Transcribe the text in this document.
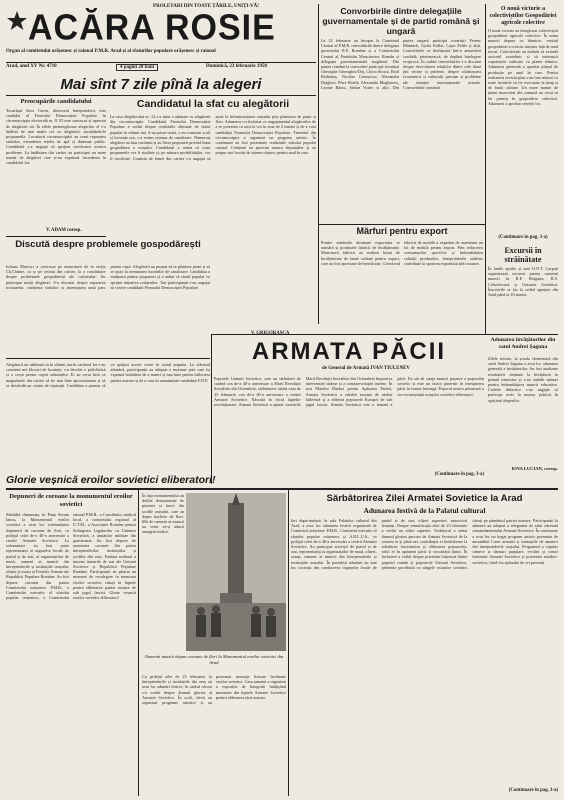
PROLETARI DIN TOATE ȚĂRILE, UNIȚI-VĂ!
ACĂRA ROSIE
Organ al comitetului orășenesc și raional P.M.R. Arad și al sfaturilor populare orășenesc și raional
Arad, anul XV Nr. 4710	4 pagini 20 bani	Duminică, 23 februarie 1958
Mai sînt 7 zile pînă la alegeri
Convorbirile dintre delegațiile guvernamentale și de partid română și ungară
La 22 februarie au început la Comitetul Central al P.M.R. convorbirile dintre delegația guvernului R.P. Române și a Comitetului Central al Partidului Muncitoresc Român și delegația guvernamentală maghiară. Din partea română la convorbiri participă tovarășii Gheorghe Gheorghiu-Dej, Chivu Stoica, Emil Bodnăraș, Nicolae Ceaușescu, Alexandru Drăghici, Petre Borilă, Alexandru Moghioroș, Leonte Răutu, Ștefan Voitec și alții. Din partea ungară participă tovarășii Ferenc Münnich, Gyula Kállai, Lajos Fehér și alții. Convorbirile se desfășoară într-o atmosferă cordială, prietenească, de deplină înțelegere reciprocă. În cadrul convorbirilor s-a discutat despre dezvoltarea relațiilor dintre cele două țări vecine și prietene, despre colaborarea economică și culturală, precum și probleme ale situației internaționale actuale. Convorbirile continuă.
O nouă victorie a colectiviștilor Gospodăriei agricole colective
O nouă victorie au înregistrat colectiviștii gospodăriei agricole colective. În urma muncii depuse cu hărnicie, venitul gospodăriei a crescut simțitor față de anul trecut. Colectiviștii au hotărât să extindă sectorul zootehnic și să mărească suprafețele cultivate cu plante tehnice. Adunarea generală a aprobat planul de producție pe anul în curs. Pentru realizarea acestui plan s-au luat măsuri ca toate lucrările să fie executate la timp și de bună calitate. Un mare număr de țărani muncitori din comună au cerut să fie primiți în gospodăria colectivă. Adunarea a aprobat cererile lor.
(Continuare în pag. 3-a)
Excursii în străinătate
În lunile aprilie și mai O.N.T. Carpați organizează excursii pentru oamenii muncii în R.P. Bulgaria, R.S. Cehoslovacă și Uniunea Sovietică. Înscrierile se fac la sediul agenției din Arad până la 10 martie.
Preocupările candidatului
Tovarășul Sava Gavra, directorul întreprinderii, este candidat al Frontului Democrației Populare în circumscripția electorală nr. 8. El este cunoscut și apreciat de alegătorii săi. În zilele premergătoare alegerilor el s-a întâlnit de mai multe ori cu alegătorii, ascultându-le propunerile. Locuitorii circumscripției au cerut repararea străzilor, extinderea rețelei de apă și iluminat public. Candidatul s-a angajat să sprijine rezolvarea acestor probleme. La întâlnirea din cartier au participat un mare număr de alegători care și-au exprimat încrederea în candidatul lor.
V. ADAM coresp.
Candidatul la sfat cu alegătorii
La casa alegătorului nr. 12 s-a ținut o adunare cu alegătorii din circumscripție. Candidatul Frontului Democrației Populare a vorbit despre realizările obținute de sfatul popular în ultimii ani. S-au pavat străzi, s-au construit școli și locuințe noi, s-a extins rețeaua de canalizare. Numeroși alegători au luat cuvântul și au făcut propuneri privind buna gospodărire a orașului. Candidatul a arătat că toate propunerile vor fi studiate și, pe măsura posibilităților, vor fi rezolvate. Comisia de femei din cartier s-a angajat să ajute la înfrumusețarea orașului prin plantarea de pomi și flori. Adunarea s-a încheiat cu angajamentul alegătorilor de a se prezenta cu toții la vot în ziua de 2 martie și de a vota candidații Frontului Democrației Populare. Tineretul din circumscripție a organizat un program artistic. În continuare au fost prezentate realizările sfatului popular raional. Cetățenii au apreciat munca deputaților și au propus noi lucrări de interes obștesc pentru anul în curs.
Discută despre problemele gospodărești
Iuliana Marcoci a convocat pe muncitorii de la secția Ch.Chimie, ca și pe vecinii din cartier, la o consfătuire despre problemele gospodărești ale cartierului. Au participat mulți alegători. S-a discutat despre repararea trotuarelor, curățenia străzilor și amenajarea unui parc pentru copii. Alegătorii au propus să se planteze pomi și să se ajute la terminarea lucrărilor de canalizare. Candidata a mulțumit pentru propuneri și a arătat că sfatul popular va sprijini inițiativa cetățenilor. Toți participanții s-au angajat să voteze candidații Frontului Democrației Populare.
Mărfuri pentru export
Printre mărfurile destinate exportului se numără și produsele fabricii de încălțăminte. Muncitorii fabricii au realizat loturi de încălțăminte de bună calitate pentru export, care au fost apreciate de beneficiari. Colectivul fabricii de mobilă a expediat de asemenea un lot de mobilă pentru export. Prin reducerea consumurilor specifice și îmbunătățirea calității produselor, întreprinderile arădene contribuie la sporirea exportului țării noastre.
Adunarea învățătorilor din satul Andrei Șaguna
Zilele trecute, la școala elementară din satul Andrei Șaguna a avut loc adunarea generală a învățătorilor. Au fost analizate rezultatele obținute la învățătură în primul trimestru și s-au stabilit măsuri pentru îmbunătățirea muncii educative. Cadrele didactice s-au angajat să participe activ la munca politică în sprijinul alegerilor.
IOVA LUCIAN, coresp.
ARMATA PĂCII
de General de Armată IVAN TIULENEV
Poporele Uniunii Sovietice, care au sărbătorit de curând cea de-a 40-a aniversare a Marii Revoluții Socialiste din Octombrie, sărbătoresc astăzi ziua de 23 februarie, cea de-a 40-a aniversare a creării Armatei Sovietice. Născută în focul luptelor revoluționare, Armata Sovietică a apărat cuceririle Marii Revoluții Socialiste din Octombrie împotriva intervenției străine și a contrarevoluției interne. În anii Marelui Război pentru Apărarea Patriei, Armata Sovietică a zdrobit mașina de război hitleristă și a eliberat popoarele Europei de sub jugul fascist. Armata Sovietică este o armată a păcii. Ea stă de strajă muncii pașnice a poporului sovietic și este un factor puternic în menținerea păcii în lumea întreagă. Poporul nostru păstrează o vie recunoștință ostașilor sovietici eliberatori.
(Continuare în pag. 3-a)
Glorie veșnică eroilor sovietici eliberatori!
Alegătorii au subliniat că în ultimii ani în cartierul lor s-au construit noi blocuri de locuințe, s-a deschis o policlinică și o creșă pentru copiii salariaților. Ei au cerut însă ca magazinele din cartier să fie mai bine aprovizionate și să se deschidă un centru de reparații. Candidata a promis că va sprijini aceste cereri în sfatul popular. La sfârșitul adunării, participanții au adoptat o moțiune prin care își exprimă hotărârea de a munci și mai bine pentru înflorirea patriei noastre și de a vota în unanimitate candidații F.D.P.
Depuneri de coroane la monumentul eroilor sovietici
Sâmbătă dimineața, în Piața Avram Iancu, la Monumentul eroilor sovietici a avut loc solemnitatea depunerii de coroane de flori, cu prilejul celei de-a 40-a aniversări a creării Armatei Sovietice. La solemnitate au luat parte reprezentanți ai organelor locale de partid și de stat, ai organizațiilor de masă, oameni ai muncii din întreprinderile și instituțiile orașului, ofițeri și ostași ai Forțelor Armate ale Republicii Populare Române. Au fost depuse coroane din partea Comitetului orășenesc P.M.R., a Comitetului executiv al sfatului popular orășenesc, a Comitetului raional P.M.R., a Consiliului sindical local, a comitetului regional al U.T.M., a Asociației Române pentru Strângerea Legăturilor cu Uniunea Sovietică, a unităților militare din garnizoană. Au fost depuse de asemenea coroane din partea întreprinderilor, instituțiilor și școlilor din oraș. Fanfara militară a intonat imnurile de stat ale Uniunii Sovietice și Republicii Populare Române. Participanții au păstrat un moment de reculegere în memoria eroilor sovietici căzuți în luptele pentru eliberarea patriei noastre de sub jugul fascist. Glorie veșnică eroilor sovietici eliberatori!
În fața monumentului au defilat detașamente de pionieri și tineri din școlile orașului, care au depus buchete de flori. Mii de oameni ai muncii au venit să-și aducă omagiul eroilor.
Oamenii muncii depun coroane de flori la Monumentul eroilor sovietici din Arad
Cu prilejul zilei de 23 februarie, la întreprinderile și instituțiile din oraș au avut loc adunări festive, în cadrul cărora s-a vorbit despre drumul glorios al Armatei Sovietice. În școli, elevii au organizat programe artistice și au prezentat montaje literare închinate eroilor sovietici. Casa armatei a organizat o expoziție de fotografii înfățișând momente din luptele Armatei Sovietice pentru eliberarea țării noastre.
Sărbătorirea Zilei Armatei Sovietice la Arad
Adunarea festivă de la Palatul cultural
Ieri după-amiază, în sala Palatului cultural din Arad, a avut loc adunarea festivă organizată de Comitetul orășenesc P.M.R., Comitetul executiv al sfatului popular orășenesc și A.R.L.U.S., cu prilejul celei de-a 40-a aniversări a creării Armatei Sovietice. Au participat activiști de partid și de stat, reprezentanți ai organizațiilor de masă, ofițeri, ostași, oameni ai muncii din întreprinderile și instituțiile orașului. În prezidiul adunării au luat loc tovarăși din conducerea organelor locale de partid și de stat, ofițeri superiori, muncitori fruntași. Despre semnificația zilei de 23 februarie a vorbit un ofițer superior. Vorbitorul a arătat drumul glorios parcurs de Armata Sovietică de la crearea ei și până azi, contribuția ei hotărâtoare la zdrobirea fascismului și eliberarea popoarelor, rolul ei în apărarea păcii și securității lumii. În încheiere a vorbit despre prietenia frățească dintre poporul român și popoarele Uniunii Sovietice, prietenie pecetluită cu sângele ostașilor sovietici căzuți pe pământul patriei noastre. Participanții la adunare au adoptat o telegramă de salut adresată comandamentului Armatei Sovietice. În continuare a avut loc un bogat program artistic prezentat de ansamblul Casei armatei și formațiile de amatori din întreprinderile orașului. Programul a cuprins cântece și dansuri populare, recitări și coruri închinate Armatei Sovietice și prieteniei româno-sovietice, fiind viu aplaudat de cei prezenți.
(Continuare în pag. 3-a)
